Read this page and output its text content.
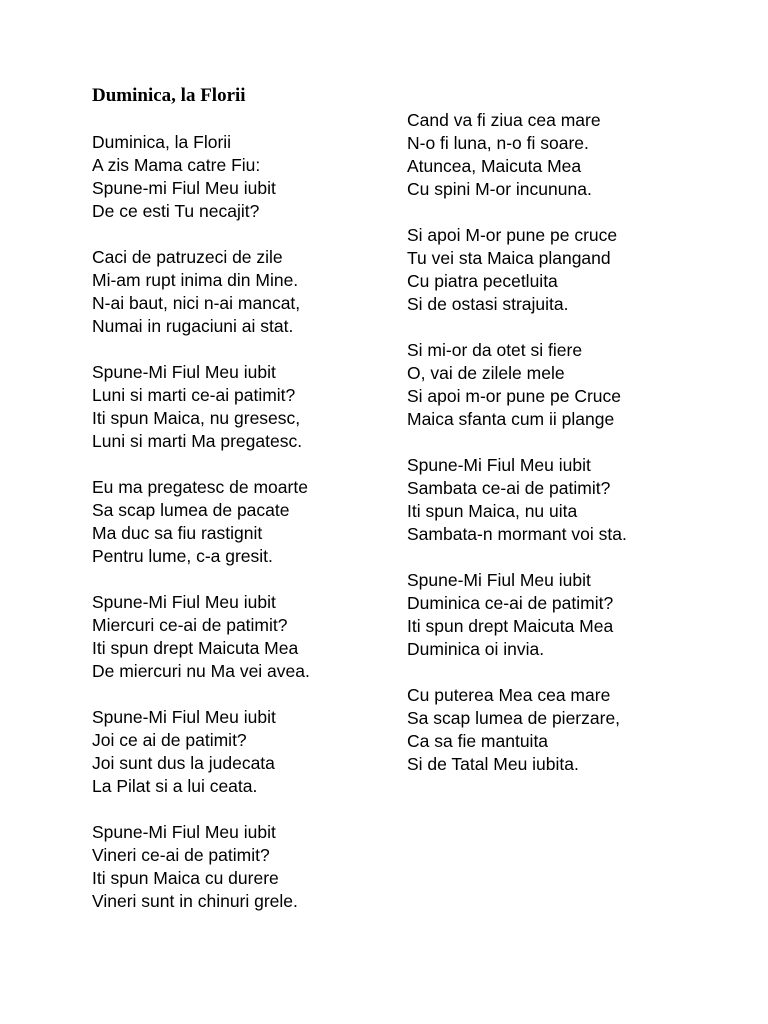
Duminica, la Florii
Duminica, la Florii
A zis Mama catre Fiu:
Spune-mi Fiul Meu iubit
De ce esti Tu necajit?
Caci de patruzeci de zile
Mi-am rupt inima din Mine.
N-ai baut, nici n-ai mancat,
Numai in rugaciuni ai stat.
Spune-Mi Fiul Meu iubit
Luni si marti ce-ai patimit?
Iti spun Maica, nu gresesc,
Luni si marti Ma pregatesc.
Eu ma pregatesc de moarte
Sa scap lumea de pacate
Ma duc sa fiu rastignit
Pentru lume, c-a gresit.
Spune-Mi Fiul Meu iubit
Miercuri ce-ai de patimit?
Iti spun drept Maicuta Mea
De miercuri nu Ma vei avea.
Spune-Mi Fiul Meu iubit
Joi ce ai de patimit?
Joi sunt dus la judecata
La Pilat si a lui ceata.
Spune-Mi Fiul Meu iubit
Vineri ce-ai de patimit?
Iti spun Maica cu durere
Vineri sunt in chinuri grele.
Cand va fi ziua cea mare
N-o fi luna, n-o fi soare.
Atuncea, Maicuta Mea
Cu spini M-or incununa.
Si apoi M-or pune pe cruce
Tu vei sta Maica plangand
Cu piatra pecetluita
Si de ostasi strajuita.
Si mi-or da otet si fiere
O, vai de zilele mele
Si apoi m-or pune pe Cruce
Maica sfanta cum ii plange
Spune-Mi Fiul Meu iubit
Sambata ce-ai de patimit?
Iti spun Maica, nu uita
Sambata-n mormant voi sta.
Spune-Mi Fiul Meu iubit
Duminica ce-ai de patimit?
Iti spun drept Maicuta Mea
Duminica oi invia.
Cu puterea Mea cea mare
Sa scap lumea de pierzare,
Ca sa fie mantuita
Si de Tatal Meu iubita.
